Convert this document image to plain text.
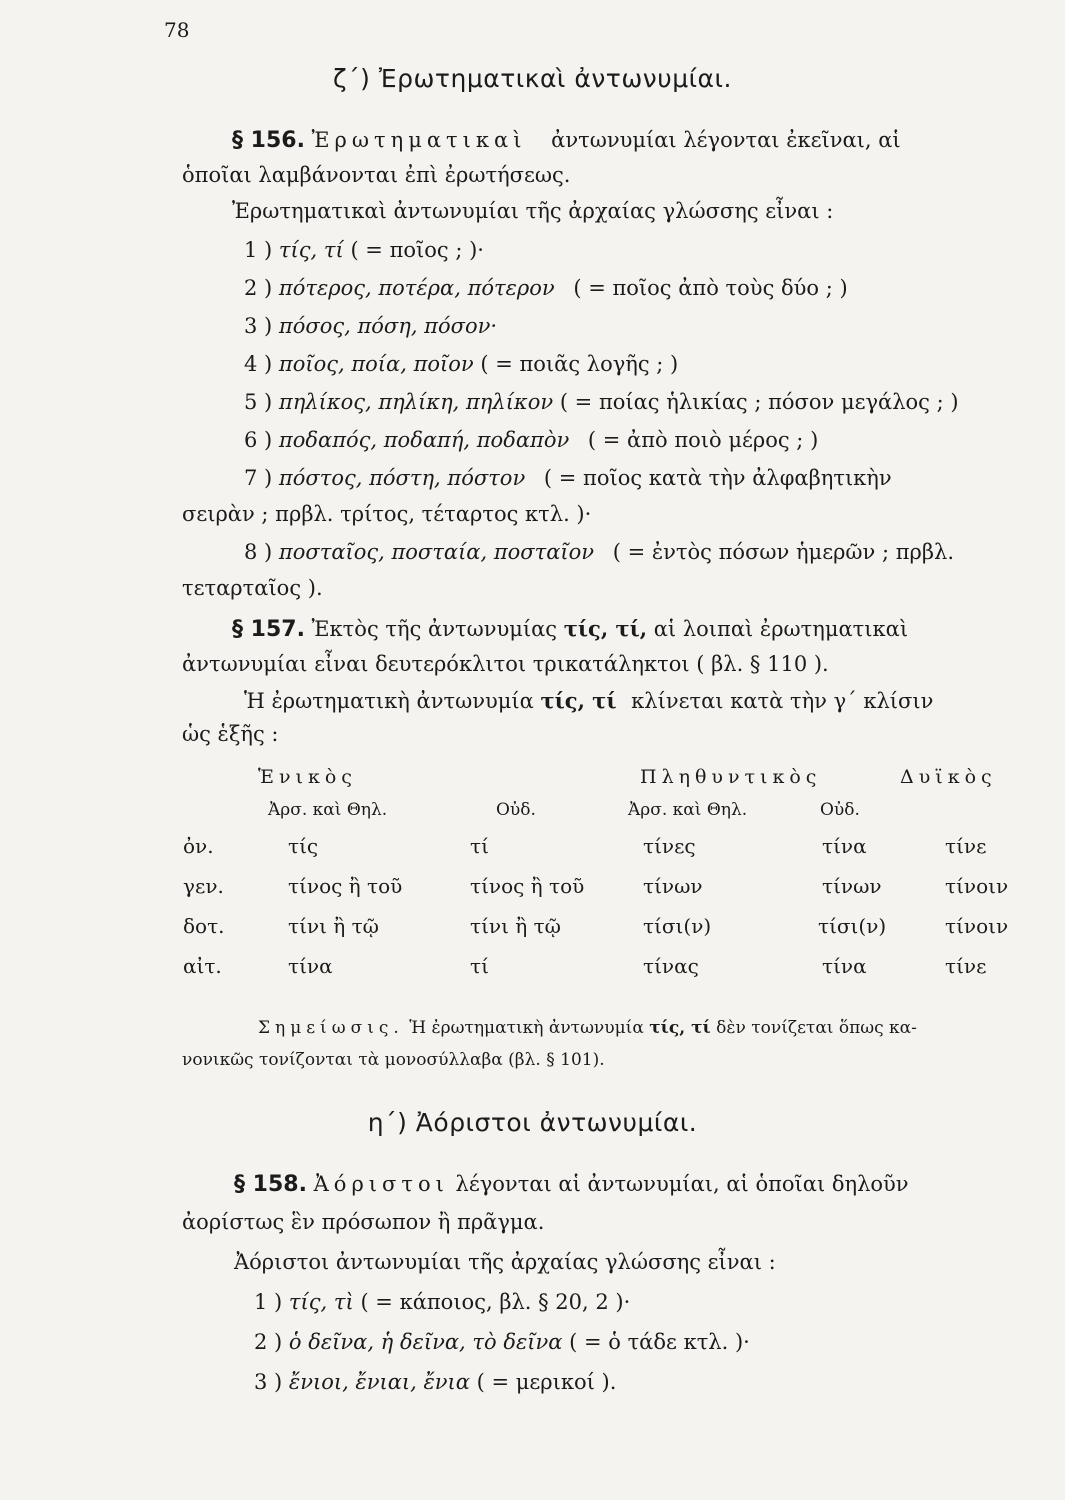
78
ζ΄) Ἐρωτηματικαὶ ἀντωνυμίαι.
§ 156. Ἐρωτηματικαὶ ἀντωνυμίαι λέγονται ἐκεῖναι, αἱ
ὁποῖαι λαμβάνονται ἐπὶ ἐρωτήσεως.
Ἐρωτηματικαὶ ἀντωνυμίαι τῆς ἀρχαίας γλώσσης εἶναι :
1 ) τίς, τί ( = ποῖος ; )·
2 ) πότερος, ποτέρα, πότερον ( = ποῖος ἀπὸ τοὺς δύο ; )
3 ) πόσος, πόση, πόσον·
4 ) ποῖος, ποία, ποῖον ( = ποιᾶς λογῆς ; )
5 ) πηλίκος, πηλίκη, πηλίκον ( = ποίας ἡλικίας ; πόσον μεγάλος ; )
6 ) ποδαπός, ποδαπή, ποδαπὸν ( = ἀπὸ ποιὸ μέρος ; )
7 ) πόστος, πόστη, πόστον ( = ποῖος κατὰ τὴν ἀλφαβητικὴν
σειρὰν ; πρβλ. τρίτος, τέταρτος κτλ. )·
8 ) ποσταῖος, ποσταία, ποσταῖον ( = ἐντὸς πόσων ἡμερῶν ; πρβλ.
τεταρταῖος ).
§ 157. Ἐκτὸς τῆς ἀντωνυμίας τίς, τί, αἱ λοιπαὶ ἐρωτηματικαὶ
ἀντωνυμίαι εἶναι δευτερόκλιτοι τρικατάληκτοι ( βλ. § 110 ).
Ἡ ἐρωτηματικὴ ἀντωνυμία τίς, τί κλίνεται κατὰ τὴν γ΄ κλίσιν
ὡς ἑξῆς :
Ἑνικὸς	Πληθυντικὸς	Δυϊκὸς
Ἀρσ. καὶ Θηλ.	Οὐδ.	Ἀρσ. καὶ Θηλ.	Οὐδ.
ὀν.	τίς	τί	τίνες	τίνα	τίνε
γεν.	τίνος ἢ τοῦ	τίνος ἢ τοῦ	τίνων	τίνων	τίνοιν
δοτ.	τίνι ἢ τῷ	τίνι ἢ τῷ	τίσι(ν)	τίσι(ν)	τίνοιν
αἰτ.	τίνα	τί	τίνας	τίνα	τίνε
Σημείωσις. Ἡ ἐρωτηματικὴ ἀντωνυμία τίς, τί δὲν τονίζεται ὅπως κα-
νονικῶς τονίζονται τὰ μονοσύλλαβα (βλ. § 101).
η΄) Ἀόριστοι ἀντωνυμίαι.
§ 158. Ἀόριστοι λέγονται αἱ ἀντωνυμίαι, αἱ ὁποῖαι δηλοῦν
ἀορίστως ἓν πρόσωπον ἢ πρᾶγμα.
Ἀόριστοι ἀντωνυμίαι τῆς ἀρχαίας γλώσσης εἶναι :
1 ) τίς, τὶ ( = κάποιος, βλ. § 20, 2 )·
2 ) ὁ δεῖνα, ἡ δεῖνα, τὸ δεῖνα ( = ὁ τάδε κτλ. )·
3 ) ἔνιοι, ἔνιαι, ἔνια ( = μερικοί ).
